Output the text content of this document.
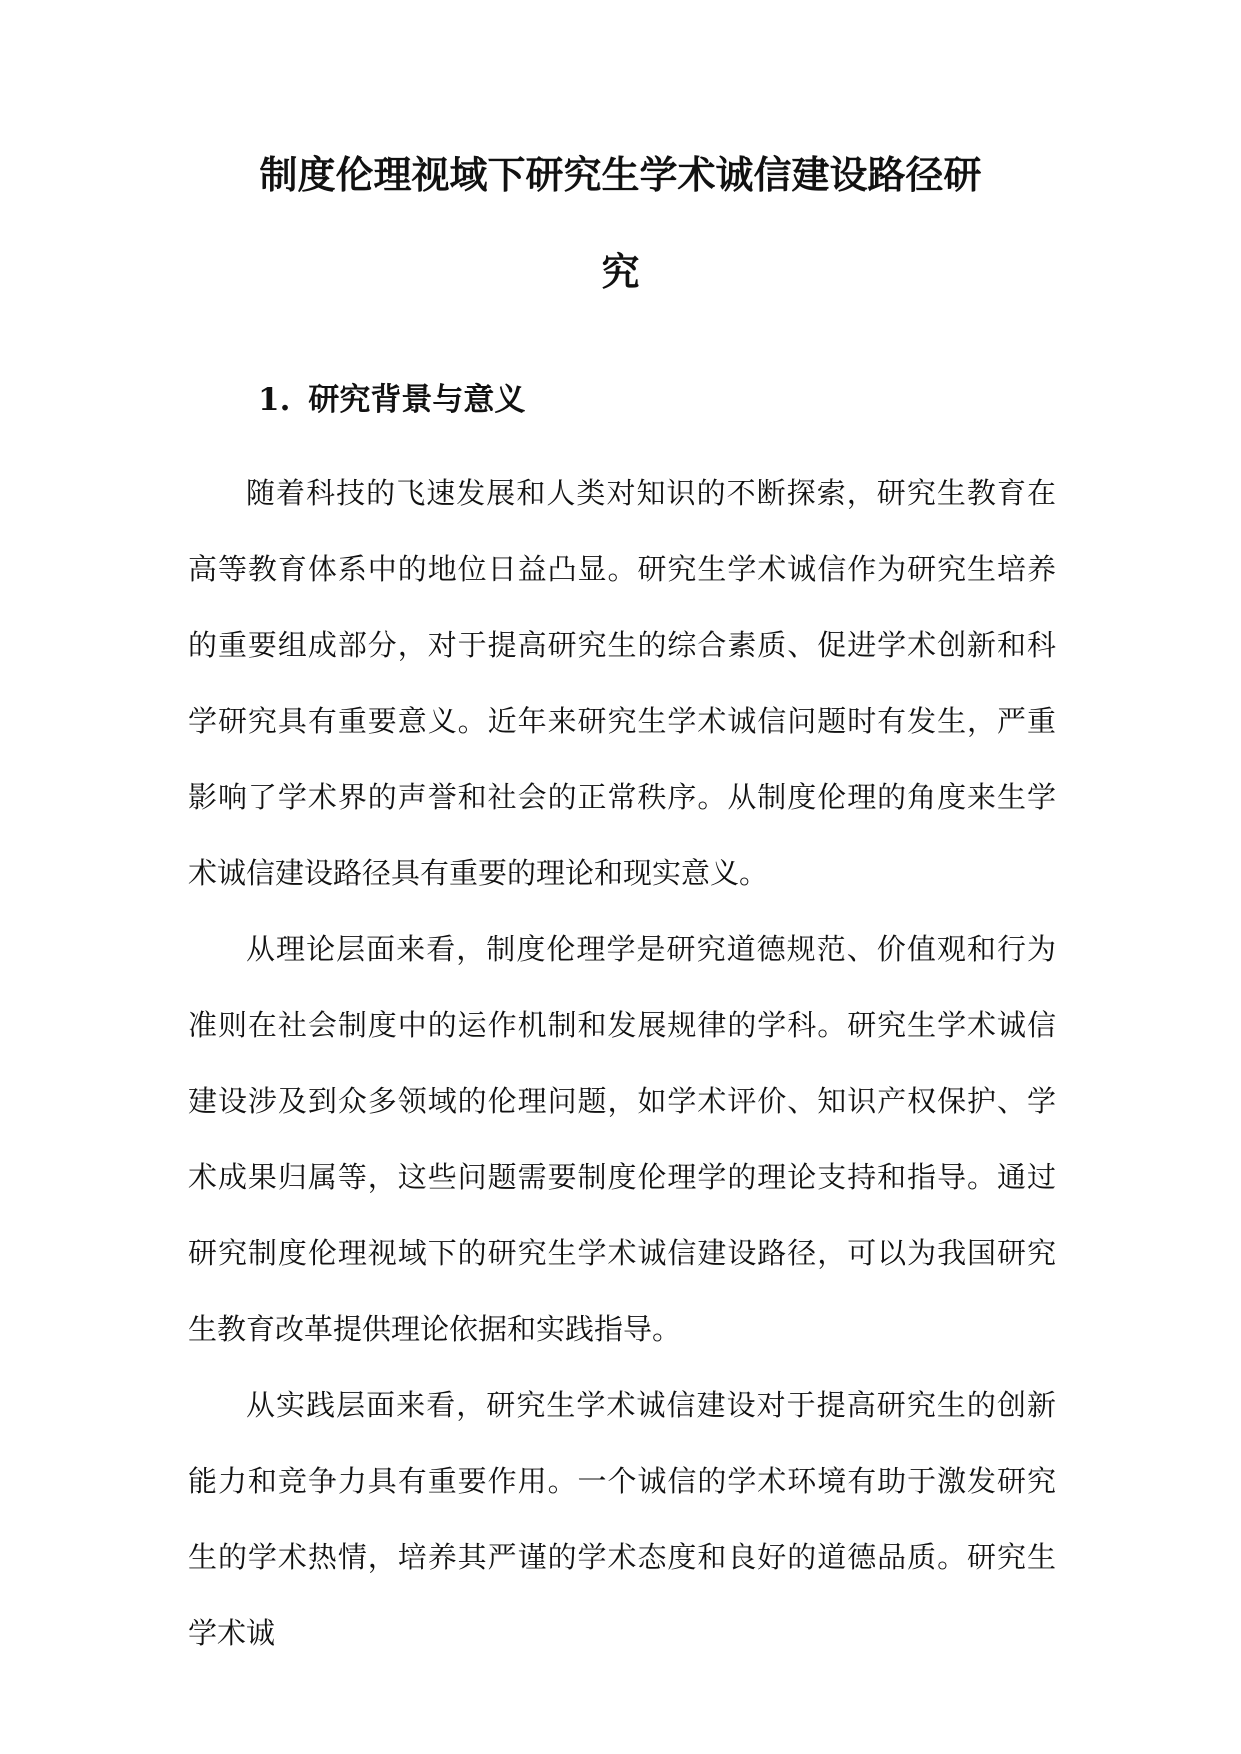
制度伦理视域下研究生学术诚信建设路径研
究
1. 研究背景与意义

随着科技的飞速发展和人类对知识的不断探索，研究生教育在高等教育体系中的地位日益凸显。研究生学术诚信作为研究生培养的重要组成部分，对于提高研究生的综合素质、促进学术创新和科学研究具有重要意义。近年来研究生学术诚信问题时有发生，严重影响了学术界的声誉和社会的正常秩序。从制度伦理的角度来生学术诚信建设路径具有重要的理论和现实意义。

从理论层面来看，制度伦理学是研究道德规范、价值观和行为准则在社会制度中的运作机制和发展规律的学科。研究生学术诚信建设涉及到众多领域的伦理问题，如学术评价、知识产权保护、学术成果归属等，这些问题需要制度伦理学的理论支持和指导。通过研究制度伦理视域下的研究生学术诚信建设路径，可以为我国研究生教育改革提供理论依据和实践指导。

从实践层面来看，研究生学术诚信建设对于提高研究生的创新能力和竞争力具有重要作用。一个诚信的学术环境有助于激发研究生的学术热情，培养其严谨的学术态度和良好的道德品质。研究生学术诚
